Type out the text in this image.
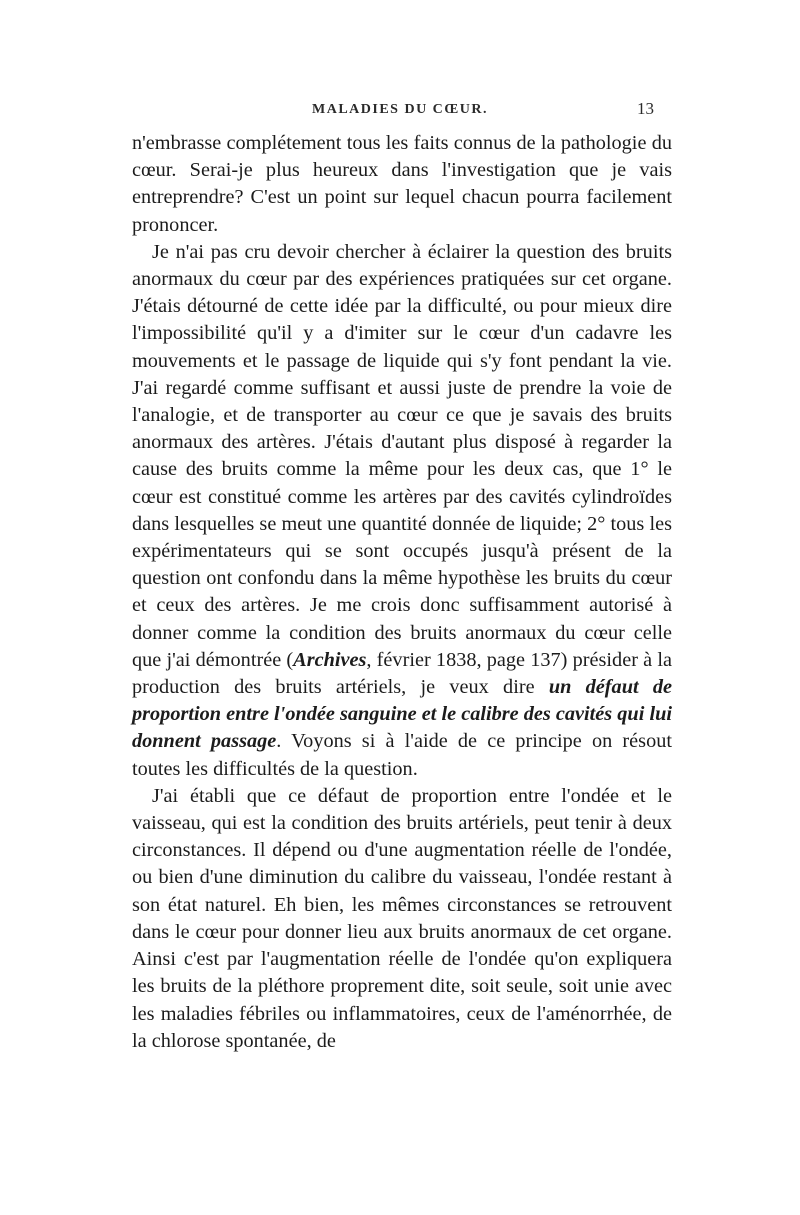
MALADIES DU CŒUR.	13

n'embrasse complétement tous les faits connus de la pathologie du cœur. Serai-je plus heureux dans l'investigation que je vais entreprendre? C'est un point sur lequel chacun pourra facilement prononcer.

Je n'ai pas cru devoir chercher à éclairer la question des bruits anormaux du cœur par des expériences pratiquées sur cet organe. J'étais détourné de cette idée par la difficulté, ou pour mieux dire l'impossibilité qu'il y a d'imiter sur le cœur d'un cadavre les mouvements et le passage de liquide qui s'y font pendant la vie. J'ai regardé comme suffisant et aussi juste de prendre la voie de l'analogie, et de transporter au cœur ce que je savais des bruits anormaux des artères. J'étais d'autant plus disposé à regarder la cause des bruits comme la même pour les deux cas, que 1° le cœur est constitué comme les artères par des cavités cylindroïdes dans lesquelles se meut une quantité donnée de liquide; 2° tous les expérimentateurs qui se sont occupés jusqu'à présent de la question ont confondu dans la même hypothèse les bruits du cœur et ceux des artères. Je me crois donc suffisamment autorisé à donner comme la condition des bruits anormaux du cœur celle que j'ai démontrée (Archives, février 1838, page 137) présider à la production des bruits artériels, je veux dire un défaut de proportion entre l'ondée sanguine et le calibre des cavités qui lui donnent passage. Voyons si à l'aide de ce principe on résout toutes les difficultés de la question.

J'ai établi que ce défaut de proportion entre l'ondée et le vaisseau, qui est la condition des bruits artériels, peut tenir à deux circonstances. Il dépend ou d'une augmentation réelle de l'ondée, ou bien d'une diminution du calibre du vaisseau, l'ondée restant à son état naturel. Eh bien, les mêmes circonstances se retrouvent dans le cœur pour donner lieu aux bruits anormaux de cet organe. Ainsi c'est par l'augmentation réelle de l'ondée qu'on expliquera les bruits de la pléthore proprement dite, soit seule, soit unie avec les maladies fébriles ou inflammatoires, ceux de l'aménorrhée, de la chlorose spontanée, de
